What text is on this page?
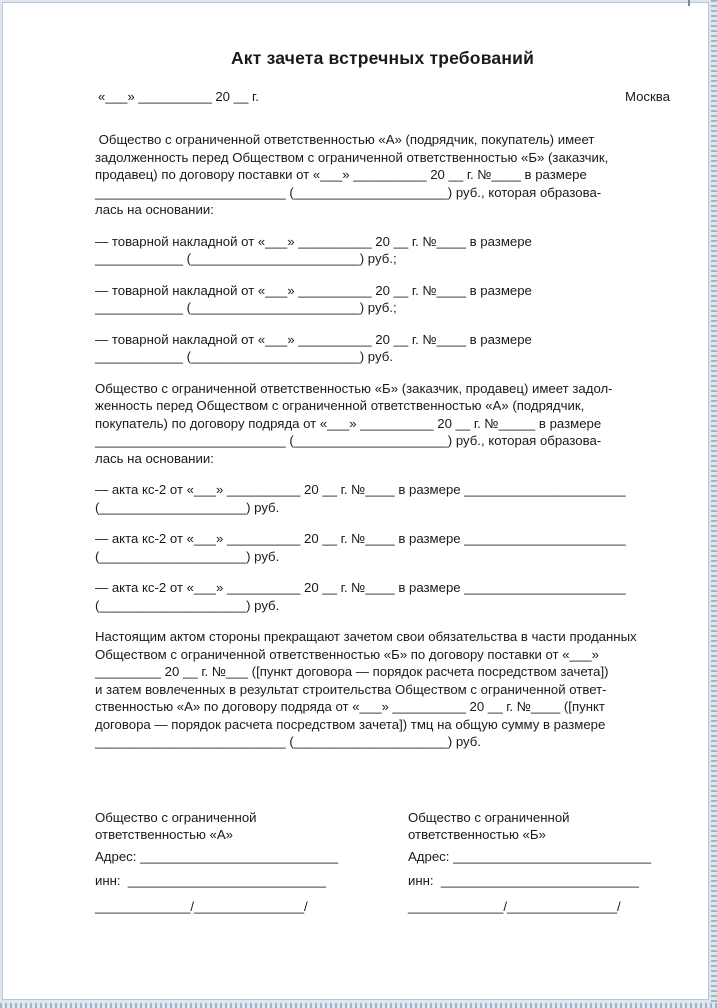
Акт зачета встречных требований
«___» __________ 20 __ г.	Москва

Общество с ограниченной ответственностью «А» (подрядчик, покупатель) имеет
задолженность перед Обществом с ограниченной ответственностью «Б» (заказчик,
продавец) по договору поставки от «___» __________ 20 __ г. №____ в размере
__________________________ (_____________________) руб., которая образова-
лась на основании:

— товарной накладной от «___» __________ 20 __ г. №____ в размере
____________ (_______________________) руб.;

— товарной накладной от «___» __________ 20 __ г. №____ в размере
____________ (_______________________) руб.;

— товарной накладной от «___» __________ 20 __ г. №____ в размере
____________ (_______________________) руб.

Общество с ограниченной ответственностью «Б» (заказчик, продавец) имеет задол-
женность перед Обществом с ограниченной ответственностью «А» (подрядчик,
покупатель) по договору подряда от «___» __________ 20 __ г. №_____ в размере
__________________________ (_____________________) руб., которая образова-
лась на основании:

— акта кс-2 от «___» __________ 20 __ г. №____ в размере ______________________
(____________________) руб.

— акта кс-2 от «___» __________ 20 __ г. №____ в размере ______________________
(____________________) руб.

— акта кс-2 от «___» __________ 20 __ г. №____ в размере ______________________
(____________________) руб.

Настоящим актом стороны прекращают зачетом свои обязательства в части проданных
Обществом с ограниченной ответственностью «Б» по договору поставки от «___»
_________ 20 __ г. №___ ([пункт договора — порядок расчета посредством зачета])
и затем вовлеченных в результат строительства Обществом с ограниченной ответ-
ственностью «А» по договору подряда от «___» __________ 20 __ г. №____ ([пункт
договора — порядок расчета посредством зачета]) тмц на общую сумму в размере
__________________________ (_____________________) руб.

Общество с ограниченной

ответственностью «А»

Адрес: ___________________________

инн:  ___________________________

_____________/_______________/

Общество с ограниченной

ответственностью «Б»

Адрес: ___________________________

инн:  ___________________________

_____________/_______________/
